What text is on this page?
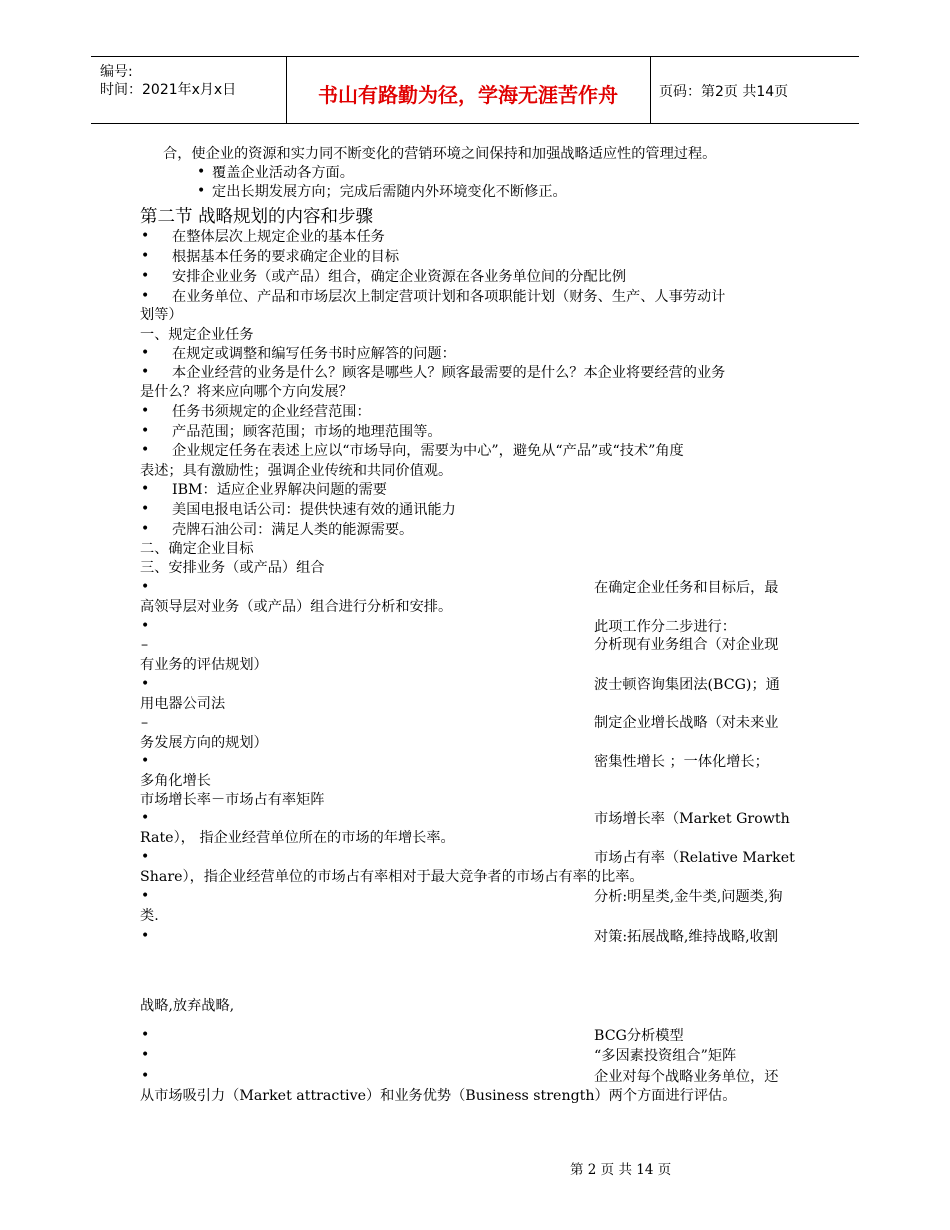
编号:
时间：2021年x月x日	书山有路勤为径，学海无涯苦作舟	页码：第2页 共14页
合，使企业的资源和实力同不断变化的营销环境之间保持和加强战略适应性的管理过程。
• 覆盖企业活动各方面。
• 定出长期发展方向；完成后需随内外环境变化不断修正。
第二节 战略规划的内容和步骤
• 在整体层次上规定企业的基本任务
• 根据基本任务的要求确定企业的目标
• 安排企业业务（或产品）组合，确定企业资源在各业务单位间的分配比例
• 在业务单位、产品和市场层次上制定营项计划和各项职能计划（财务、生产、人事劳动计
划等）
一、规定企业任务
• 在规定或调整和编写任务书时应解答的问题：
• 本企业经营的业务是什么？顾客是哪些人？顾客最需要的是什么？本企业将要经营的业务
是什么？将来应向哪个方向发展？
• 任务书须规定的企业经营范围：
• 产品范围；顾客范围；市场的地理范围等。
• 企业规定任务在表述上应以“市场导向，需要为中心”，避免从“产品”或“技术”角度
表述；具有激励性；强调企业传统和共同价值观。
• IBM：适应企业界解决问题的需要
• 美国电报电话公司：提供快速有效的通讯能力
• 壳牌石油公司：满足人类的能源需要。
二、确定企业目标
三、安排业务（或产品）组合
•	在确定企业任务和目标后，最
高领导层对业务（或产品）组合进行分析和安排。
•	此项工作分二步进行：
–	分析现有业务组合（对企业现
有业务的评估规划）
•	波士顿咨询集团法(BCG)；通
用电器公司法
–	制定企业增长战略（对未来业
务发展方向的规划）
•	密集性增长 ；一体化增长；
多角化增长
市场增长率－市场占有率矩阵
•	市场增长率（Market Growth
Rate）， 指企业经营单位所在的市场的年增长率。
•	市场占有率（Relative Market
Share），指企业经营单位的市场占有率相对于最大竞争者的市场占有率的比率。
•	分析:明星类,金牛类,问题类,狗
类.
•	对策:拓展战略,维持战略,收割
战略,放弃战略,
•	BCG分析模型
•	“多因素投资组合”矩阵
•	企业对每个战略业务单位，还
从市场吸引力（Market attractive）和业务优势（Business strength）两个方面进行评估。
第 2 页 共 14 页
